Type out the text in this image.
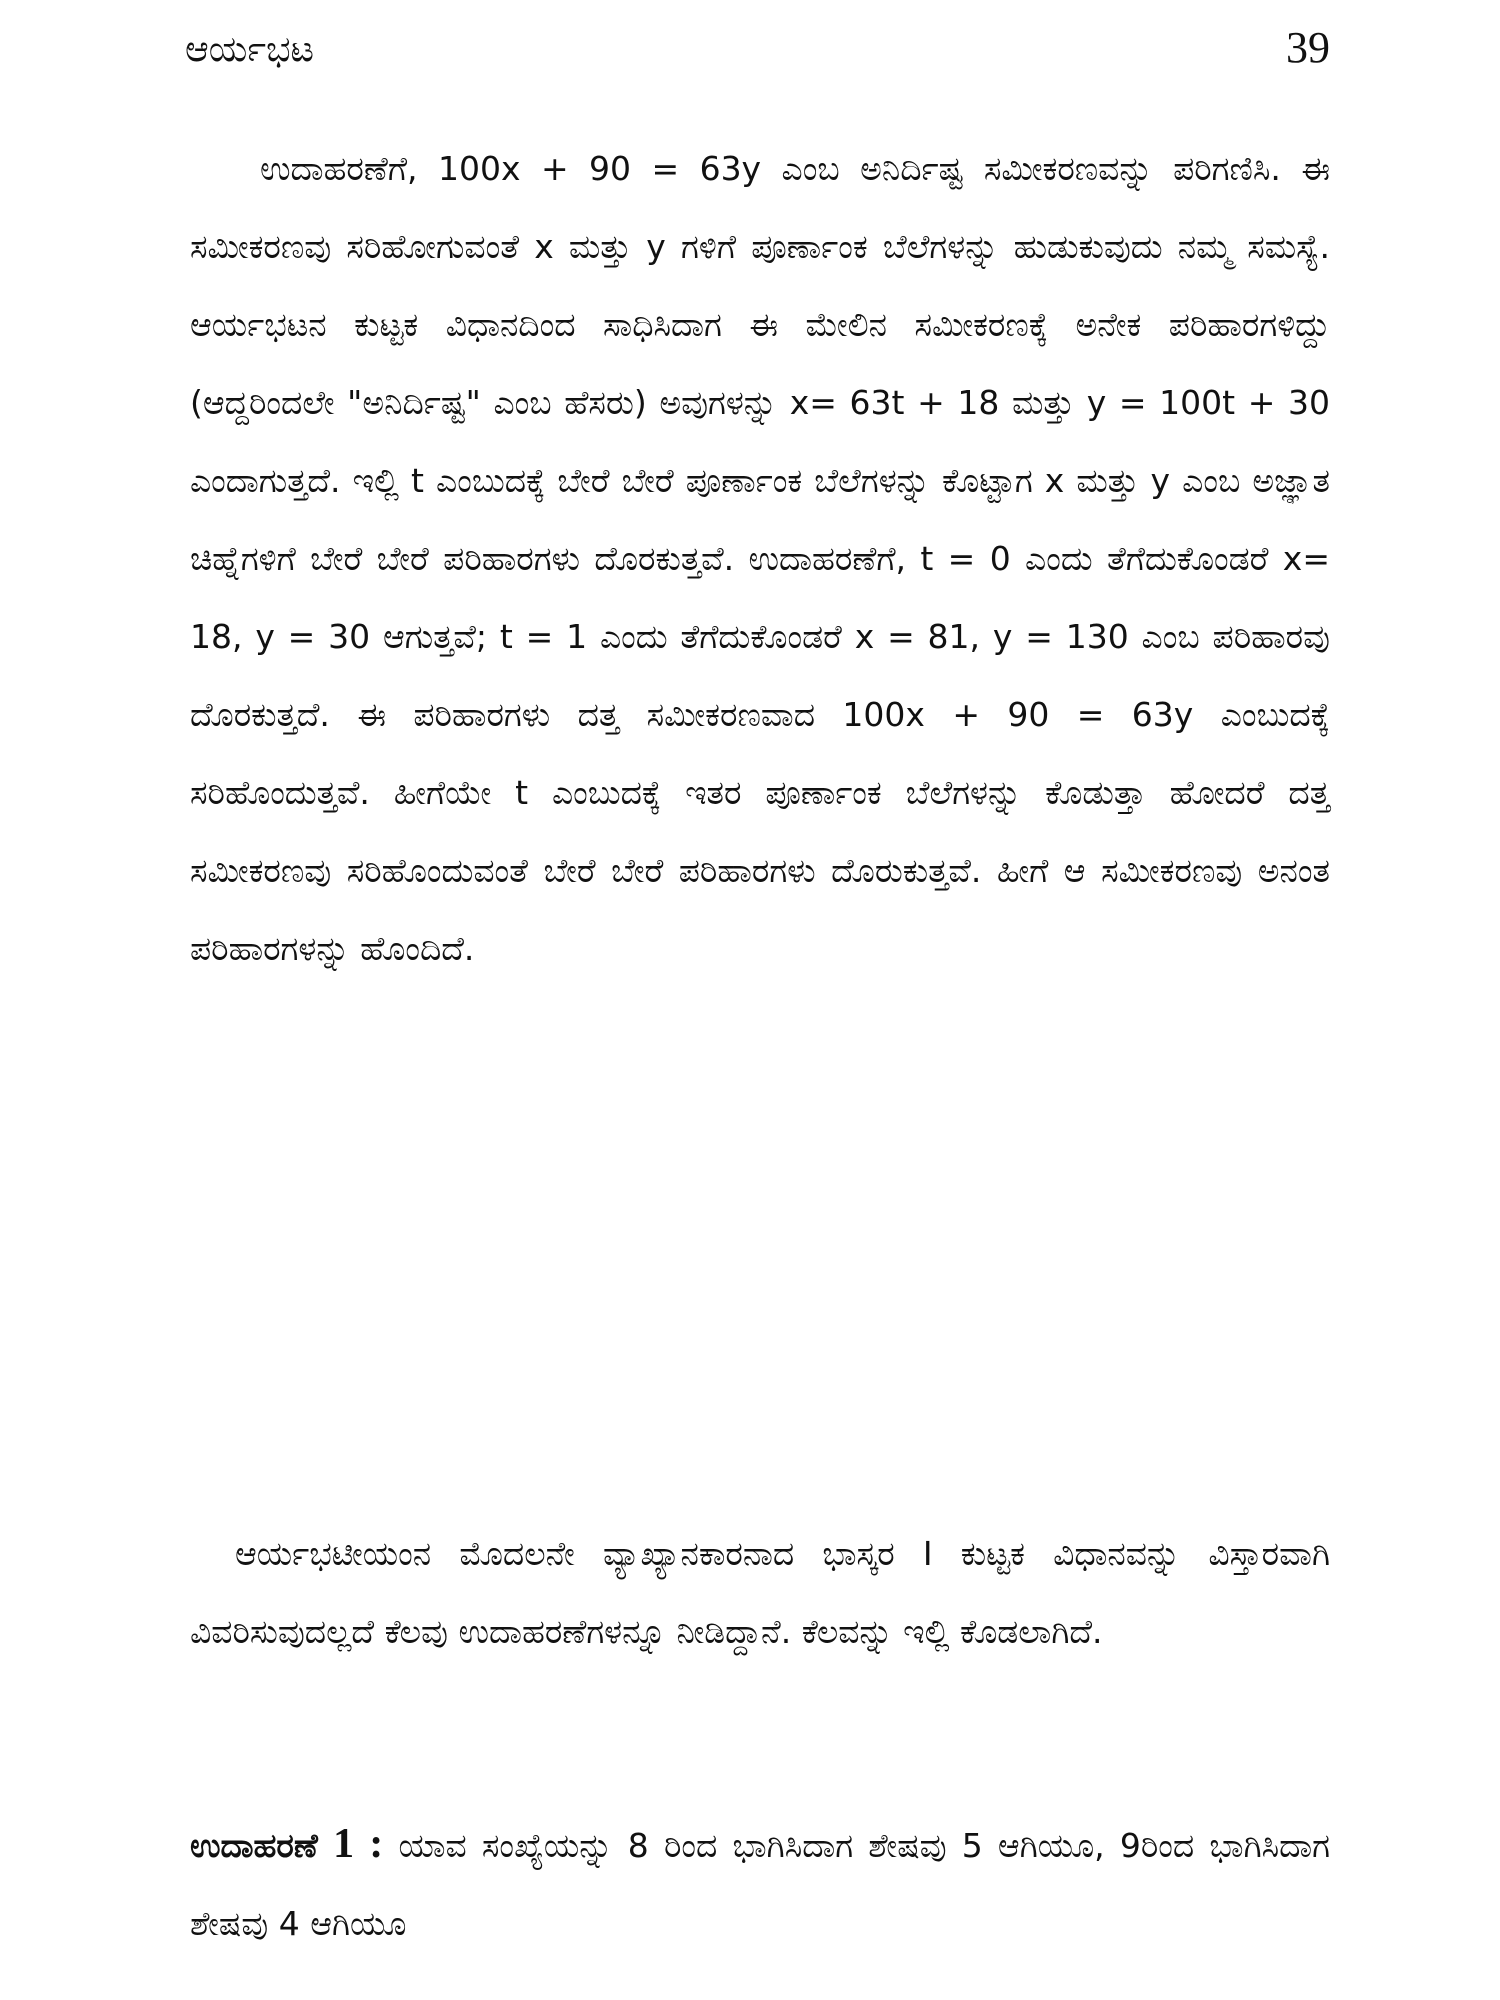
ಆರ್ಯಭಟ	39

ಉದಾಹರಣೆಗೆ, 100x + 90 = 63y ಎಂಬ ಅನಿರ್ದಿಷ್ಟ ಸಮೀಕರಣವನ್ನು ಪರಿಗಣಿಸಿ. ಈ ಸಮೀಕರಣವು ಸರಿಹೋಗುವಂತೆ x ಮತ್ತು y ಗಳಿಗೆ ಪೂರ್ಣಾಂಕ ಬೆಲೆಗಳನ್ನು ಹುಡುಕುವುದು ನಮ್ಮ ಸಮಸ್ಯೆ. ಆರ್ಯಭಟನ ಕುಟ್ಟಕ ವಿಧಾನದಿಂದ ಸಾಧಿಸಿದಾಗ ಈ ಮೇಲಿನ ಸಮೀಕರಣಕ್ಕೆ ಅನೇಕ ಪರಿಹಾರಗಳಿದ್ದು (ಆದ್ದರಿಂದಲೇ "ಅನಿರ್ದಿಷ್ಟ" ಎಂಬ ಹೆಸರು) ಅವುಗಳನ್ನು x= 63t + 18 ಮತ್ತು y = 100t + 30 ಎಂದಾಗುತ್ತದೆ. ಇಲ್ಲಿ t ಎಂಬುದಕ್ಕೆ ಬೇರೆ ಬೇರೆ ಪೂರ್ಣಾಂಕ ಬೆಲೆಗಳನ್ನು ಕೊಟ್ಟಾಗ x ಮತ್ತು y ಎಂಬ ಅಜ್ಞಾತ ಚಿಹ್ನೆಗಳಿಗೆ ಬೇರೆ ಬೇರೆ ಪರಿಹಾರಗಳು ದೊರಕುತ್ತವೆ. ಉದಾಹರಣೆಗೆ, t = 0 ಎಂದು ತೆಗೆದುಕೊಂಡರೆ x= 18, y = 30 ಆಗುತ್ತವೆ; t = 1 ಎಂದು ತೆಗೆದುಕೊಂಡರೆ x = 81, y = 130 ಎಂಬ ಪರಿಹಾರವು ದೊರಕುತ್ತದೆ. ಈ ಪರಿಹಾರಗಳು ದತ್ತ ಸಮೀಕರಣವಾದ 100x + 90 = 63y ಎಂಬುದಕ್ಕೆ ಸರಿಹೊಂದುತ್ತವೆ. ಹೀಗೆಯೇ t ಎಂಬುದಕ್ಕೆ ಇತರ ಪೂರ್ಣಾಂಕ ಬೆಲೆಗಳನ್ನು ಕೊಡುತ್ತಾ ಹೋದರೆ ದತ್ತ ಸಮೀಕರಣವು ಸರಿಹೊಂದುವಂತೆ ಬೇರೆ ಬೇರೆ ಪರಿಹಾರಗಳು ದೊರುಕುತ್ತವೆ. ಹೀಗೆ ಆ ಸಮೀಕರಣವು ಅನಂತ ಪರಿಹಾರಗಳನ್ನು ಹೊಂದಿದೆ.

ಆರ್ಯಭಟೀಯಂನ ಮೊದಲನೇ ವ್ಯಾಖ್ಯಾನಕಾರನಾದ ಭಾಸ್ಕರ I ಕುಟ್ಟಕ ವಿಧಾನವನ್ನು ವಿಸ್ತಾರವಾಗಿ ವಿವರಿಸುವುದಲ್ಲದೆ ಕೆಲವು ಉದಾಹರಣೆಗಳನ್ನೂ ನೀಡಿದ್ದಾನೆ. ಕೆಲವನ್ನು ಇಲ್ಲಿ ಕೊಡಲಾಗಿದೆ.

ಉದಾಹರಣೆ 1 : ಯಾವ ಸಂಖ್ಯೆಯನ್ನು 8 ರಿಂದ ಭಾಗಿಸಿದಾಗ ಶೇಷವು 5 ಆಗಿಯೂ, 9ರಿಂದ ಭಾಗಿಸಿದಾಗ ಶೇಷವು 4 ಆಗಿಯೂ
